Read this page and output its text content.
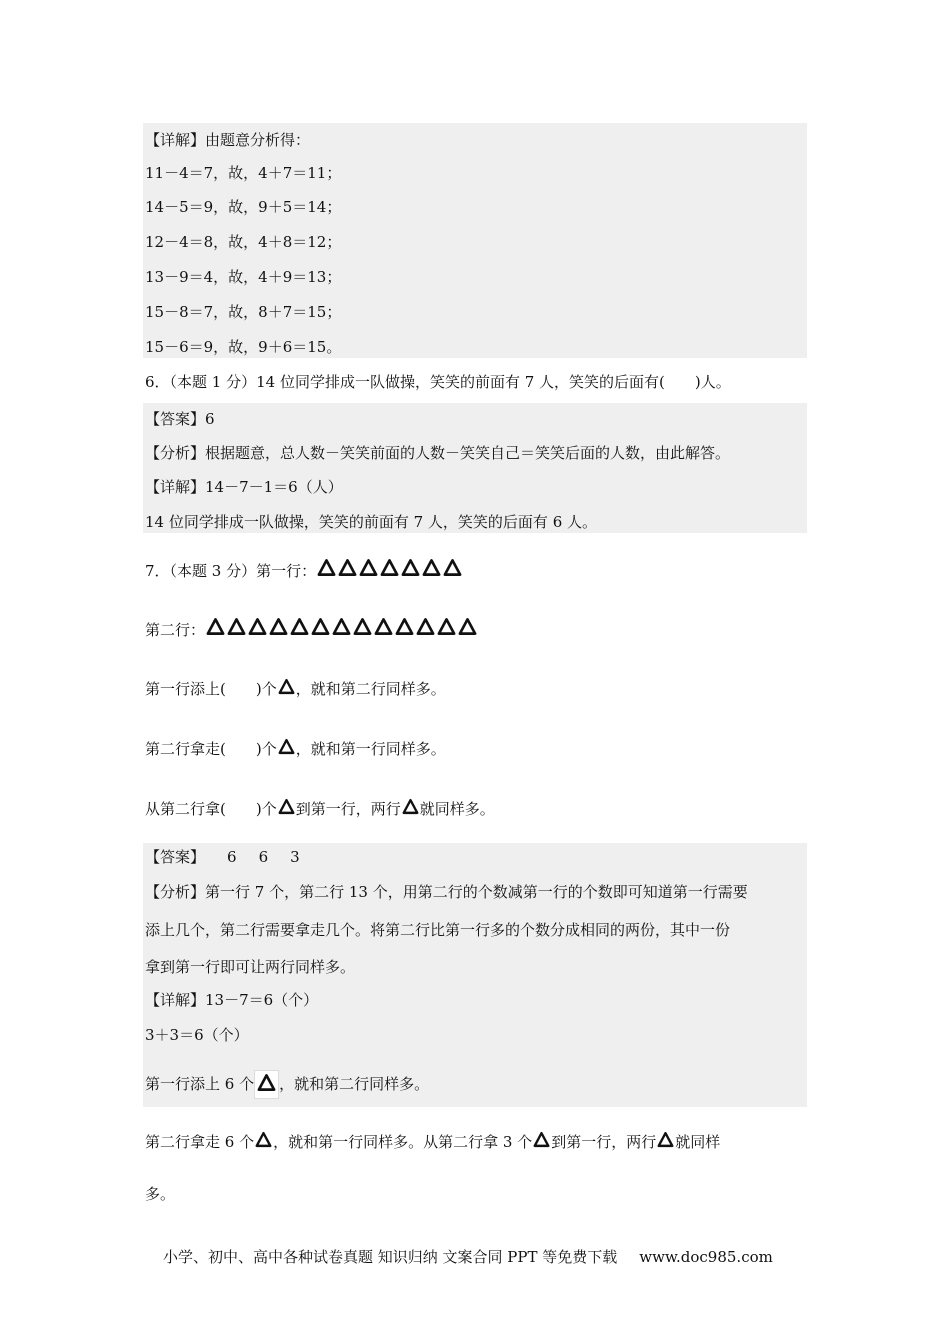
【详解】由题意分析得：
11－4＝7，故，4＋7＝11；
14－5＝9，故，9＋5＝14；
12－4＝8，故，4＋8＝12；
13－9＝4，故，4＋9＝13；
15－8＝7，故，8＋7＝15；
15－6＝9，故，9＋6＝15。
6．（本题 1 分）14 位同学排成一队做操，笑笑的前面有 7 人，笑笑的后面有(　　)人。
【答案】6
【分析】根据题意，总人数－笑笑前面的人数－笑笑自己＝笑笑后面的人数，由此解答。
【详解】14－7－1＝6（人）
14 位同学排成一队做操，笑笑的前面有 7 人，笑笑的后面有 6 人。
7．（本题 3 分）第一行：
第二行：
第一行添上(　　)个 ，就和第二行同样多。
第二行拿走(　　)个 ，就和第一行同样多。
从第二行拿(　　)个 到第一行，两行 就同样多。
【答案】 6 6 3
【分析】第一行 7 个，第二行 13 个，用第二行的个数减第一行的个数即可知道第一行需要
添上几个，第二行需要拿走几个。将第二行比第一行多的个数分成相同的两份，其中一份
拿到第一行即可让两行同样多。
【详解】13－7＝6（个）
3＋3＝6（个）
第一行添上 6 个 ，就和第二行同样多。
第二行拿走 6 个 ，就和第一行同样多。从第二行拿 3 个 到第一行，两行 就同样
多。
小学、初中、高中各种试卷真题 知识归纳 文案合同 PPT 等免费下载 www.doc985.com
